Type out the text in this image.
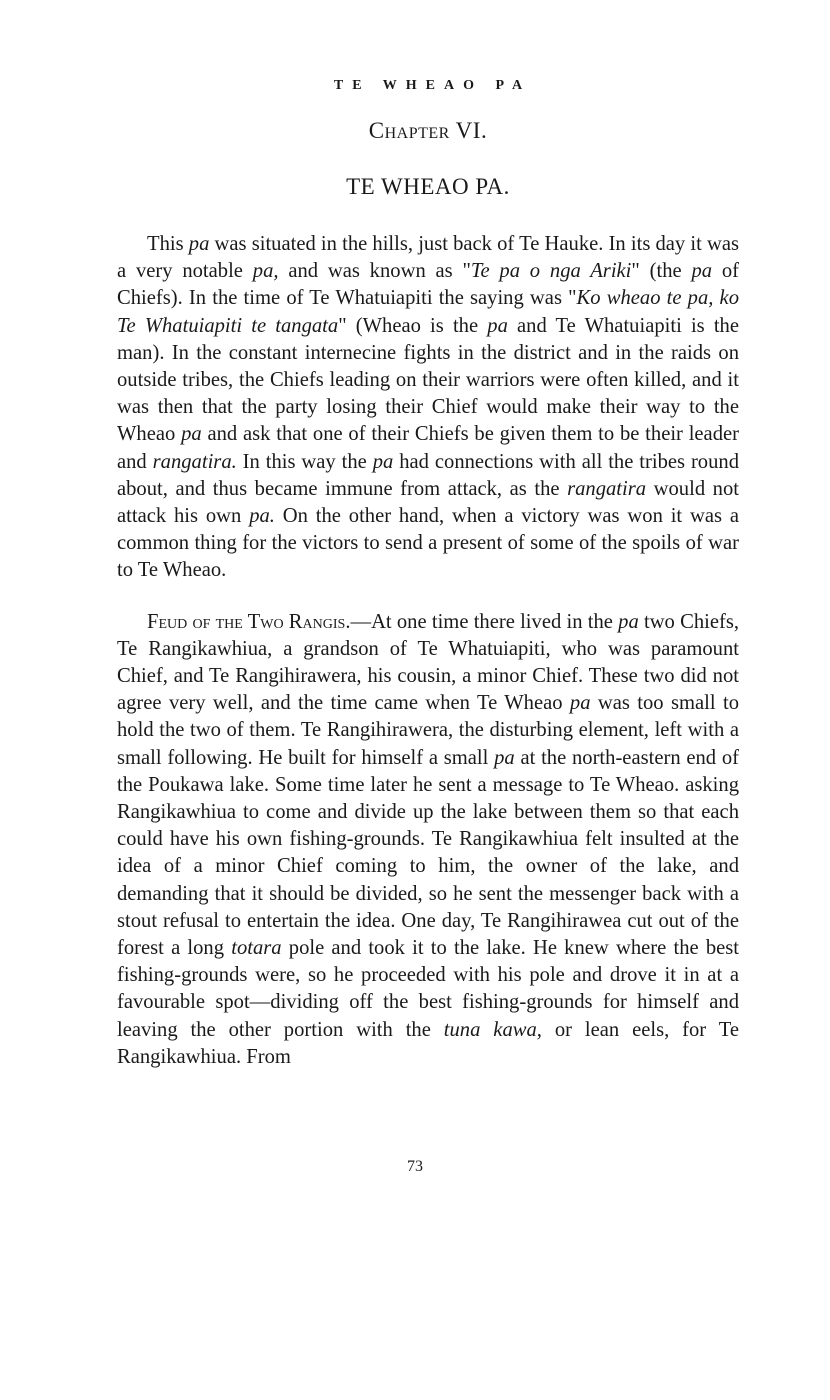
TE WHEAO PA

Chapter VI.

TE WHEAO PA.

This pa was situated in the hills, just back of Te Hauke. In its day it was a very notable pa, and was known as "Te pa o nga Ariki" (the pa of Chiefs). In the time of Te Whatuiapiti the saying was "Ko wheao te pa, ko Te Whatuiapiti te tangata" (Wheao is the pa and Te Whatuiapiti is the man). In the constant internecine fights in the district and in the raids on outside tribes, the Chiefs leading on their warriors were often killed, and it was then that the party losing their Chief would make their way to the Wheao pa and ask that one of their Chiefs be given them to be their leader and rangatira. In this way the pa had connections with all the tribes round about, and thus became immune from attack, as the rangatira would not attack his own pa. On the other hand, when a victory was won it was a common thing for the victors to send a present of some of the spoils of war to Te Wheao.

Feud of the Two Rangis.—At one time there lived in the pa two Chiefs, Te Rangikawhiua, a grandson of Te Whatuiapiti, who was paramount Chief, and Te Rangihirawera, his cousin, a minor Chief. These two did not agree very well, and the time came when Te Wheao pa was too small to hold the two of them. Te Rangihirawera, the disturbing element, left with a small following. He built for himself a small pa at the north-eastern end of the Poukawa lake. Some time later he sent a message to Te Wheao. asking Rangikawhiua to come and divide up the lake between them so that each could have his own fishing-grounds. Te Rangikawhiua felt insulted at the idea of a minor Chief coming to him, the owner of the lake, and demanding that it should be divided, so he sent the messenger back with a stout refusal to entertain the idea. One day, Te Rangihirawea cut out of the forest a long totara pole and took it to the lake. He knew where the best fishing-grounds were, so he proceeded with his pole and drove it in at a favourable spot—dividing off the best fishing-grounds for himself and leaving the other portion with the tuna kawa, or lean eels, for Te Rangikawhiua. From

73
